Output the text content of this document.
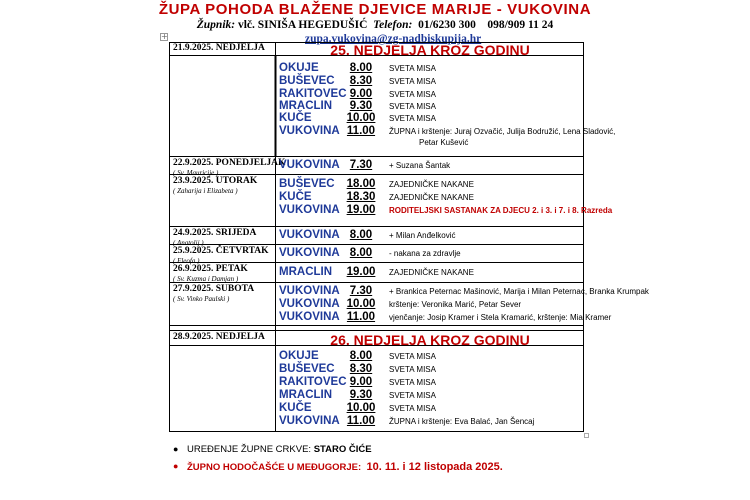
ŽUPA POHODA BLAŽENE DJEVICE MARIJE - VUKOVINA
Župnik: vlč. SINIŠA HEGEDUŠIĆ Telefon: 01/6230 300 098/909 11 24
+	zupa.vukovina@zg-nadbiskupija.hr
21.9.2025. NEDJELJA	25. NEDJELJA KROZ GODINU
OKUJE	8.00	SVETA MISA
BUŠEVEC	8.30	SVETA MISA
RAKITOVEC 9.00	SVETA MISA
MRACLIN	9.30	SVETA MISA
KUČE	10.00	SVETA MISA
VUKOVINA 11.00	ŽUPNA i krštenje: Juraj Ozvačić, Julija Bodružić, Lena Sladović,
Petar Kušević
22.9.2025. PONEDJELJAK
( Sv. Mauricije )
VUKOVINA 7.30	+ Suzana Šantak
23.9.2025. UTORAK
( Zaharija i Elizabeta )
BUŠEVEC	18.00	ZAJEDNIČKE NAKANE
KUČE	18.30	ZAJEDNIČKE NAKANE
VUKOVINA 19.00	RODITELJSKI SASTANAK ZA DJECU 2. i 3. i 7. i 8. Razreda
24.9.2025. SRIJEDA
( Anatolij )
VUKOVINA 8.00	+ Milan Anđelković
25.9.2025. ČETVRTAK
( Eleofa )
VUKOVINA 8.00	- nakana za zdravlje
26.9.2025. PETAK
( Sv. Kuzma i Damjan )
MRACLIN	19.00	ZAJEDNIČKE NAKANE
27.9.2025. SUBOTA
( Sv. Vinko Paulski )
VUKOVINA 7.30	+ Brankica Peternac Mašinović, Marija i Milan Peternac, Branka Krumpak
VUKOVINA 10.00	krštenje: Veronika Marić, Petar Sever
VUKOVINA 11.00	vjenčanje: Josip Kramer i Stela Kramarić, krštenje: Mia Kramer
28.9.2025. NEDJELJA	26. NEDJELJA KROZ GODINU
OKUJE	8.00	SVETA MISA
BUŠEVEC	8.30	SVETA MISA
RAKITOVEC 9.00	SVETA MISA
MRACLIN	9.30	SVETA MISA
KUČE	10.00	SVETA MISA
VUKOVINA 11.00	ŽUPNA i krštenje: Eva Balać, Jan Šencaj
● UREĐENJE ŽUPNE CRKVE: STARO ČIĆE
● ŽUPNO HODOČAŠĆE U MEĐUGORJE: 10. 11. i 12 listopada 2025.
